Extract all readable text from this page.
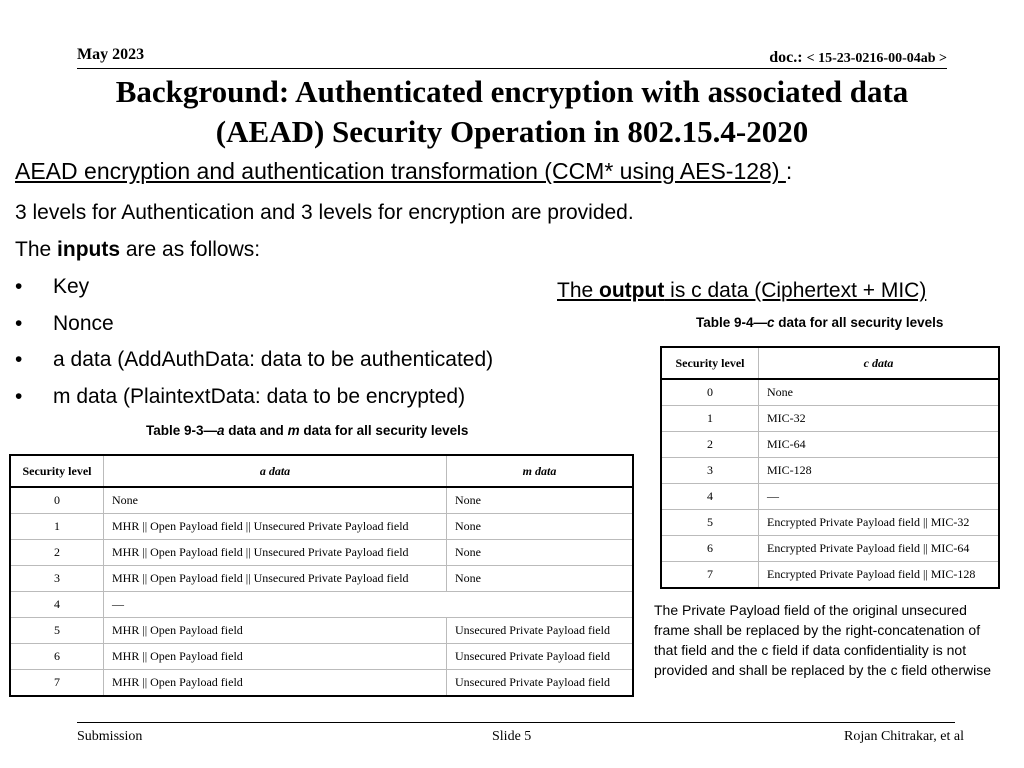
May 2023	doc.: < 15-23-0216-00-04ab >
Background: Authenticated encryption with associated data
(AEAD) Security Operation in 802.15.4-2020
AEAD encryption and authentication transformation (CCM* using AES-128) :
3 levels for Authentication and 3 levels for encryption are provided.
The inputs are as follows:
• Key
• Nonce
• a data (AddAuthData: data to be authenticated)
• m data (PlaintextData: data to be encrypted)
The output is c data (Ciphertext + MIC)
Table 9-4—c data for all security levels
Security level	c data
0	None
1	MIC-32
2	MIC-64
3	MIC-128
4	—
5	Encrypted Private Payload field || MIC-32
6	Encrypted Private Payload field || MIC-64
7	Encrypted Private Payload field || MIC-128
Table 9-3—a data and m data for all security levels
Security level	a data	m data
0	None	None
1	MHR || Open Payload field || Unsecured Private Payload field	None
2	MHR || Open Payload field || Unsecured Private Payload field	None
3	MHR || Open Payload field || Unsecured Private Payload field	None
4	—	
5	MHR || Open Payload field	Unsecured Private Payload field
6	MHR || Open Payload field	Unsecured Private Payload field
7	MHR || Open Payload field	Unsecured Private Payload field
The Private Payload field of the original unsecured frame shall be replaced by the right-concatenation of that field and the c field if data confidentiality is not provided and shall be replaced by the c field otherwise
Submission	Slide 5	Rojan Chitrakar, et al
